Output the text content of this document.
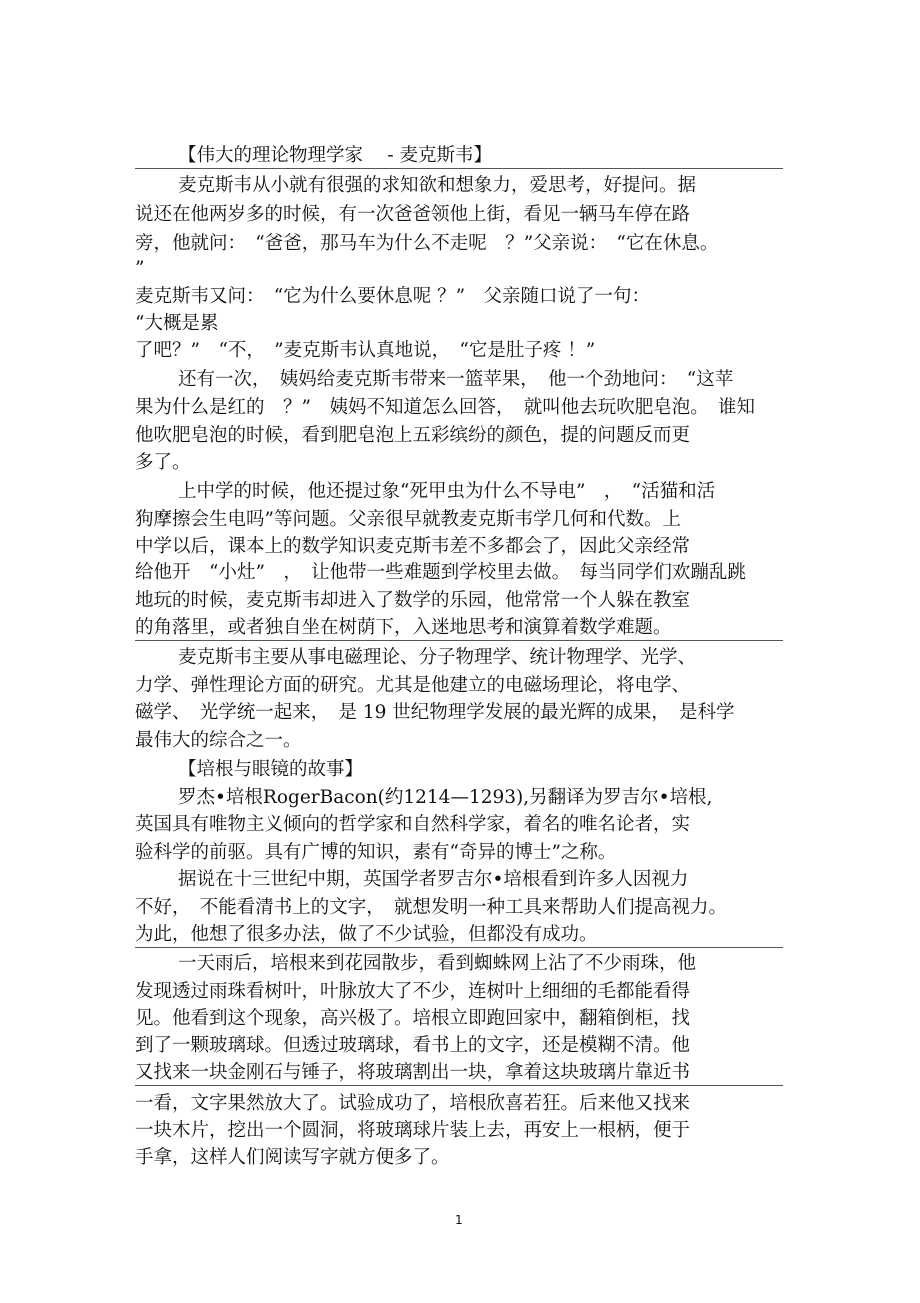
【伟大的理论物理学家　 - 麦克斯韦】
麦克斯韦从小就有很强的求知欲和想象力，爱思考，好提问。据
说还在他两岁多的时候，有一次爸爸领他上街，看见一辆马车停在路
旁，他就问：　“爸爸，那马车为什么不走呢　？”父亲说：　“它在休息。
”
麦克斯韦又问：　“它为什么要休息呢 ？”　父亲随口说了一句：
“大概是累
了吧？”　“不，　”麦克斯韦认真地说，　“它是肚子疼 ！”
还有一次，　姨妈给麦克斯韦带来一篮苹果，　他一个劲地问：　“这苹
果为什么是红的　？”　姨妈不知道怎么回答，　就叫他去玩吹肥皂泡。　谁知
他吹肥皂泡的时候，看到肥皂泡上五彩缤纷的颜色，提的问题反而更
多了。
上中学的时候，他还提过象“死甲虫为什么不导电”　，　“活猫和活
狗摩擦会生电吗”等问题。父亲很早就教麦克斯韦学几何和代数。上
中学以后，课本上的数学知识麦克斯韦差不多都会了，因此父亲经常
给他开　“小灶”　，　让他带一些难题到学校里去做。　每当同学们欢蹦乱跳
地玩的时候，麦克斯韦却进入了数学的乐园，他常常一个人躲在教室
的角落里，或者独自坐在树荫下，入迷地思考和演算着数学难题。
麦克斯韦主要从事电磁理论、分子物理学、统计物理学、光学、
力学、弹性理论方面的研究。尤其是他建立的电磁场理论，将电学、
磁学、　光学统一起来，　是 19 世纪物理学发展的最光辉的成果，　是科学
最伟大的综合之一。
【培根与眼镜的故事】
罗杰•培根RogerBacon(约1214—1293),另翻译为罗吉尔•培根,
英国具有唯物主义倾向的哲学家和自然科学家，着名的唯名论者，实
验科学的前驱。具有广博的知识，素有“奇异的博士”之称。
据说在十三世纪中期，英国学者罗吉尔•培根看到许多人因视力
不好，　不能看清书上的文字，　就想发明一种工具来帮助人们提高视力。
为此，他想了很多办法，做了不少试验，但都没有成功。
一天雨后，培根来到花园散步，看到蜘蛛网上沾了不少雨珠，他
发现透过雨珠看树叶，叶脉放大了不少，连树叶上细细的毛都能看得
见。他看到这个现象，高兴极了。培根立即跑回家中，翻箱倒柜，找
到了一颗玻璃球。但透过玻璃球，看书上的文字，还是模糊不清。他
又找来一块金刚石与锤子，将玻璃割出一块，拿着这块玻璃片靠近书
一看，文字果然放大了。试验成功了，培根欣喜若狂。后来他又找来
一块木片，挖出一个圆洞，将玻璃球片装上去，再安上一根柄，便于
手拿，这样人们阅读写字就方便多了。
1
